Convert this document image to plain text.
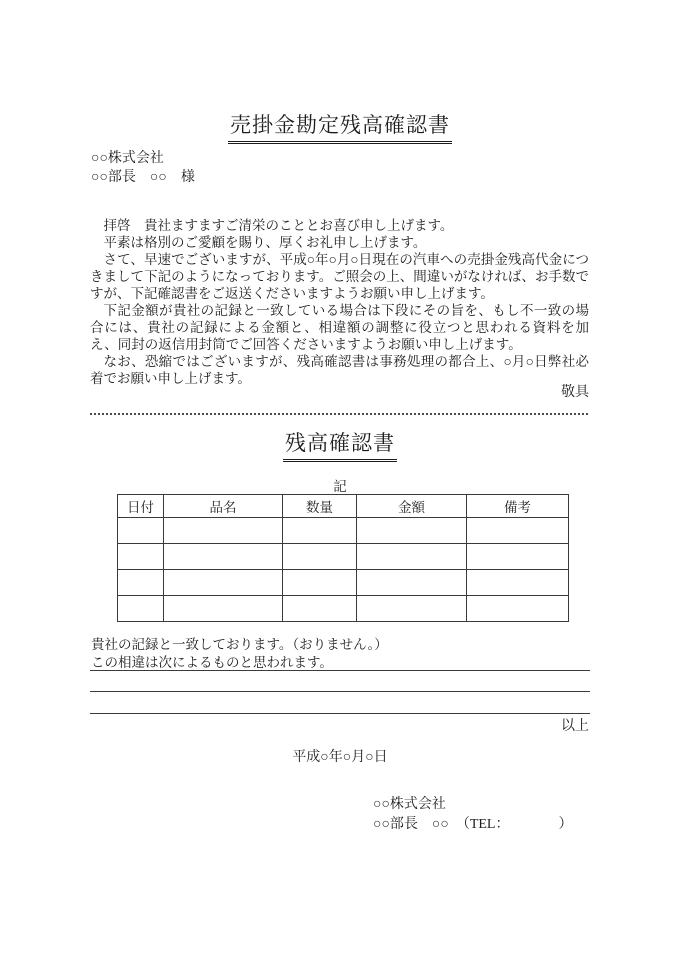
売掛金勘定残高確認書
○○株式会社
○○部長　○○　様

拝啓　貴社ますますご清栄のこととお喜び申し上げます。

平素は格別のご愛顧を賜り、厚くお礼申し上げます。

さて、早速でございますが、平成○年○月○日現在の汽車への売掛金残高代金につきまして下記のようになっております。ご照会の上、間違いがなければ、お手数ですが、下記確認書をご返送くださいますようお願い申し上げます。

下記金額が貴社の記録と一致している場合は下段にその旨を、もし不一致の場合には、貴社の記録による金額と、相違額の調整に役立つと思われる資料を加え、同封の返信用封筒でご回答くださいますようお願い申し上げます。

なお、恐縮ではございますが、残高確認書は事務処理の都合上、○月○日弊社必着でお願い申し上げます。

敬具
残高確認書
記
日付	品名	数量	金額	備考

貴社の記録と一致しております。（おりません。）
この相違は次によるものと思われます。
以上
平成○年○月○日
○○株式会社
○○部長　○○　（TEL：　　　　）
